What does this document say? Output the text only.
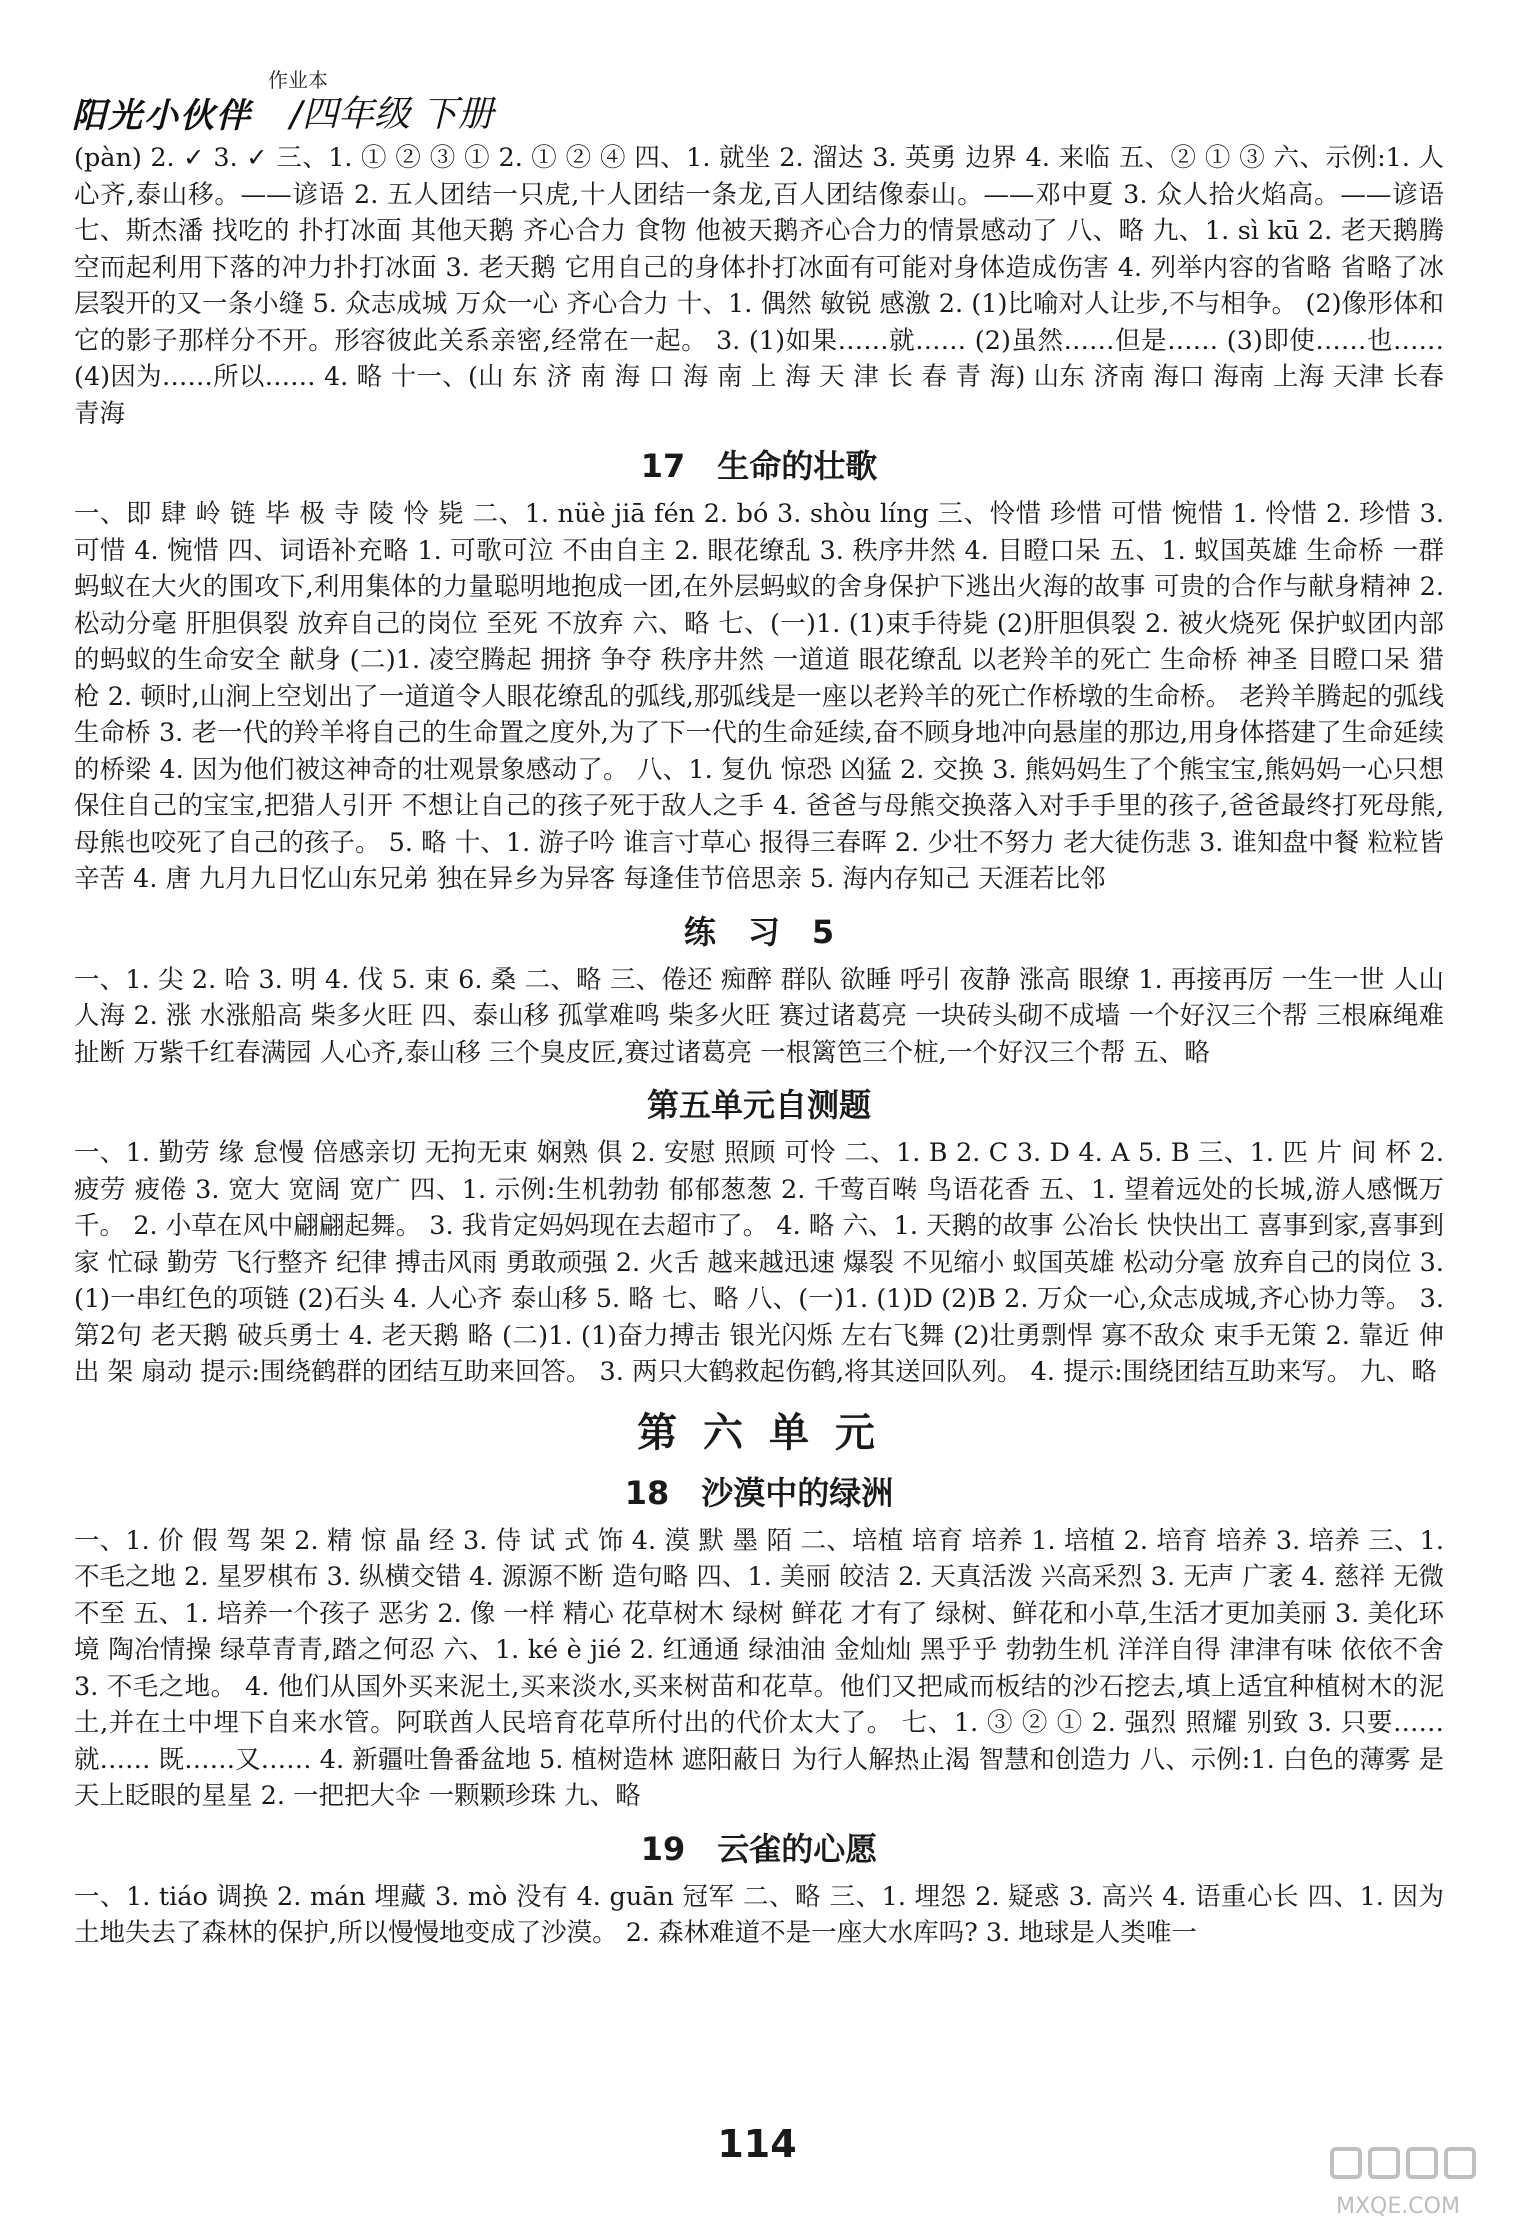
阳光小伙伴
作业本
/四年级 下册

(pàn) 2. ✓ 3. ✓ 三、1. ① ② ③ ① 2. ① ② ④ 四、1. 就坐 2. 溜达 3. 英勇 边界 4. 来临 五、② ① ③ 六、示例:1. 人心齐,泰山移。——谚语 2. 五人团结一只虎,十人团结一条龙,百人团结像泰山。——邓中夏 3. 众人拾火焰高。——谚语 七、斯杰潘 找吃的 扑打冰面 其他天鹅 齐心合力 食物 他被天鹅齐心合力的情景感动了 八、略 九、1. sì kū 2. 老天鹅腾空而起利用下落的冲力扑打冰面 3. 老天鹅 它用自己的身体扑打冰面有可能对身体造成伤害 4. 列举内容的省略 省略了冰层裂开的又一条小缝 5. 众志成城 万众一心 齐心合力 十、1. 偶然 敏锐 感激 2. (1)比喻对人让步,不与相争。 (2)像形体和它的影子那样分不开。形容彼此关系亲密,经常在一起。 3. (1)如果……就…… (2)虽然……但是…… (3)即使……也…… (4)因为……所以…… 4. 略 十一、(山 东 济 南 海 口 海 南 上 海 天 津 长 春 青 海) 山东 济南 海口 海南 上海 天津 长春 青海

17　生命的壮歌

一、即 肆 岭 链 毕 极 寺 陵 怜 毙 二、1. nüè jiā fén 2. bó 3. shòu líng 三、怜惜 珍惜 可惜 惋惜 1. 怜惜 2. 珍惜 3. 可惜 4. 惋惜 四、词语补充略 1. 可歌可泣 不由自主 2. 眼花缭乱 3. 秩序井然 4. 目瞪口呆 五、1. 蚁国英雄 生命桥 一群蚂蚁在大火的围攻下,利用集体的力量聪明地抱成一团,在外层蚂蚁的舍身保护下逃出火海的故事 可贵的合作与献身精神 2. 松动分毫 肝胆俱裂 放弃自己的岗位 至死 不放弃 六、略 七、(一)1. (1)束手待毙 (2)肝胆俱裂 2. 被火烧死 保护蚁团内部的蚂蚁的生命安全 献身 (二)1. 凌空腾起 拥挤 争夺 秩序井然 一道道 眼花缭乱 以老羚羊的死亡 生命桥 神圣 目瞪口呆 猎枪 2. 顿时,山涧上空划出了一道道令人眼花缭乱的弧线,那弧线是一座以老羚羊的死亡作桥墩的生命桥。 老羚羊腾起的弧线 生命桥 3. 老一代的羚羊将自己的生命置之度外,为了下一代的生命延续,奋不顾身地冲向悬崖的那边,用身体搭建了生命延续的桥梁 4. 因为他们被这神奇的壮观景象感动了。 八、1. 复仇 惊恐 凶猛 2. 交换 3. 熊妈妈生了个熊宝宝,熊妈妈一心只想保住自己的宝宝,把猎人引开 不想让自己的孩子死于敌人之手 4. 爸爸与母熊交换落入对手手里的孩子,爸爸最终打死母熊,母熊也咬死了自己的孩子。 5. 略 十、1. 游子吟 谁言寸草心 报得三春晖 2. 少壮不努力 老大徒伤悲 3. 谁知盘中餐 粒粒皆辛苦 4. 唐 九月九日忆山东兄弟 独在异乡为异客 每逢佳节倍思亲 5. 海内存知己 天涯若比邻

练　习　5

一、1. 尖 2. 哈 3. 明 4. 伐 5. 束 6. 桑 二、略 三、倦还 痴醉 群队 欲睡 呼引 夜静 涨高 眼缭 1. 再接再厉 一生一世 人山人海 2. 涨 水涨船高 柴多火旺 四、泰山移 孤掌难鸣 柴多火旺 赛过诸葛亮 一块砖头砌不成墙 一个好汉三个帮 三根麻绳难扯断 万紫千红春满园 人心齐,泰山移 三个臭皮匠,赛过诸葛亮 一根篱笆三个桩,一个好汉三个帮 五、略

第五单元自测题

一、1. 勤劳 缘 怠慢 倍感亲切 无拘无束 娴熟 俱 2. 安慰 照顾 可怜 二、1. B 2. C 3. D 4. A 5. B 三、1. 匹 片 间 杯 2. 疲劳 疲倦 3. 宽大 宽阔 宽广 四、1. 示例:生机勃勃 郁郁葱葱 2. 千莺百啭 鸟语花香 五、1. 望着远处的长城,游人感慨万千。 2. 小草在风中翩翩起舞。 3. 我肯定妈妈现在去超市了。 4. 略 六、1. 天鹅的故事 公冶长 快快出工 喜事到家,喜事到家 忙碌 勤劳 飞行整齐 纪律 搏击风雨 勇敢顽强 2. 火舌 越来越迅速 爆裂 不见缩小 蚁国英雄 松动分毫 放弃自己的岗位 3. (1)一串红色的项链 (2)石头 4. 人心齐 泰山移 5. 略 七、略 八、(一)1. (1)D (2)B 2. 万众一心,众志成城,齐心协力等。 3. 第2句 老天鹅 破兵勇士 4. 老天鹅 略 (二)1. (1)奋力搏击 银光闪烁 左右飞舞 (2)壮勇剽悍 寡不敌众 束手无策 2. 靠近 伸出 架 扇动 提示:围绕鹤群的团结互助来回答。 3. 两只大鹤救起伤鹤,将其送回队列。 4. 提示:围绕团结互助来写。 九、略

第 六 单 元
18　沙漠中的绿洲

一、1. 价 假 驾 架 2. 精 惊 晶 经 3. 侍 试 式 饰 4. 漠 默 墨 陌 二、培植 培育 培养 1. 培植 2. 培育 培养 3. 培养 三、1. 不毛之地 2. 星罗棋布 3. 纵横交错 4. 源源不断 造句略 四、1. 美丽 皎洁 2. 天真活泼 兴高采烈 3. 无声 广袤 4. 慈祥 无微不至 五、1. 培养一个孩子 恶劣 2. 像 一样 精心 花草树木 绿树 鲜花 才有了 绿树、鲜花和小草,生活才更加美丽 3. 美化环境 陶冶情操 绿草青青,踏之何忍 六、1. ké è jié 2. 红通通 绿油油 金灿灿 黑乎乎 勃勃生机 洋洋自得 津津有味 依依不舍 3. 不毛之地。 4. 他们从国外买来泥土,买来淡水,买来树苗和花草。他们又把咸而板结的沙石挖去,填上适宜种植树木的泥土,并在土中埋下自来水管。阿联酋人民培育花草所付出的代价太大了。 七、1. ③ ② ① 2. 强烈 照耀 别致 3. 只要……就…… 既……又…… 4. 新疆吐鲁番盆地 5. 植树造林 遮阳蔽日 为行人解热止渴 智慧和创造力 八、示例:1. 白色的薄雾 是天上眨眼的星星 2. 一把把大伞 一颗颗珍珠 九、略

19　云雀的心愿

一、1. tiáo 调换 2. mán 埋藏 3. mò 没有 4. guān 冠军 二、略 三、1. 埋怨 2. 疑惑 3. 高兴 4. 语重心长 四、1. 因为土地失去了森林的保护,所以慢慢地变成了沙漠。 2. 森林难道不是一座大水库吗? 3. 地球是人类唯一

114
MXQE.COM
